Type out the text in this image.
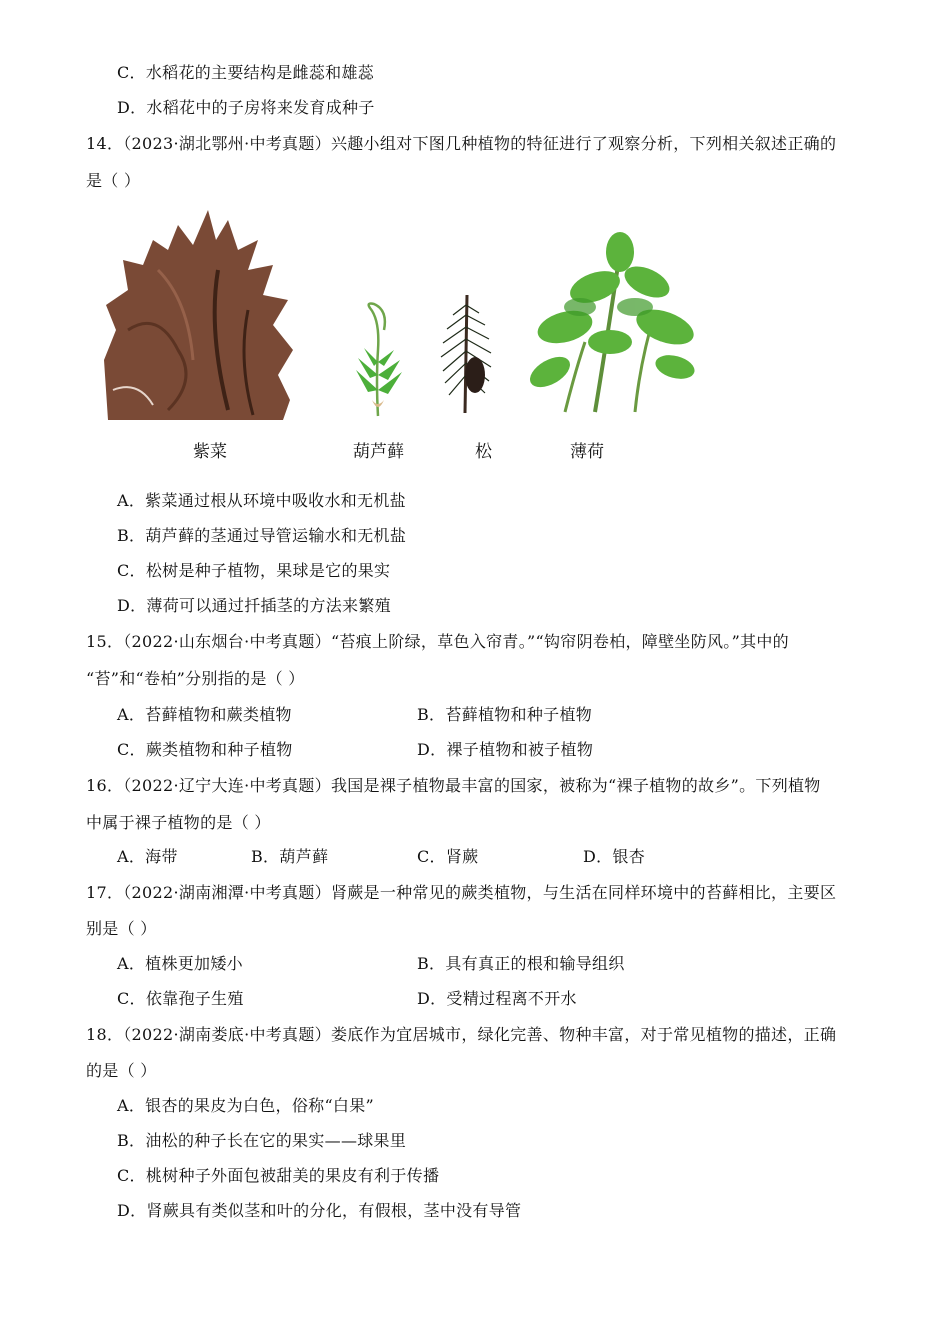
C．水稻花的主要结构是雌蕊和雄蕊
D．水稻花中的子房将来发育成种子
14．（2023·湖北鄂州·中考真题）兴趣小组对下图几种植物的特征进行了观察分析，下列相关叙述正确的
是（ ）
紫菜	葫芦藓	松	薄荷
A．紫菜通过根从环境中吸收水和无机盐
B．葫芦藓的茎通过导管运输水和无机盐
C．松树是种子植物，果球是它的果实
D．薄荷可以通过扦插茎的方法来繁殖
15．（2022·山东烟台·中考真题）“苔痕上阶绿，草色入帘青。”“钩帘阴卷柏，障壁坐防风。”其中的
“苔”和“卷柏”分别指的是（ ）
A．苔藓植物和蕨类植物	B．苔藓植物和种子植物
C．蕨类植物和种子植物	D．裸子植物和被子植物
16．（2022·辽宁大连·中考真题）我国是裸子植物最丰富的国家，被称为“裸子植物的故乡”。下列植物
中属于裸子植物的是（ ）
A．海带	B．葫芦藓	C．肾蕨	D．银杏
17．（2022·湖南湘潭·中考真题）肾蕨是一种常见的蕨类植物，与生活在同样环境中的苔藓相比，主要区
别是（ ）
A．植株更加矮小	B．具有真正的根和输导组织
C．依靠孢子生殖	D．受精过程离不开水
18．（2022·湖南娄底·中考真题）娄底作为宜居城市，绿化完善、物种丰富，对于常见植物的描述，正确
的是（ ）
A．银杏的果皮为白色，俗称“白果”
B．油松的种子长在它的果实——球果里
C．桃树种子外面包被甜美的果皮有利于传播
D．肾蕨具有类似茎和叶的分化，有假根，茎中没有导管
